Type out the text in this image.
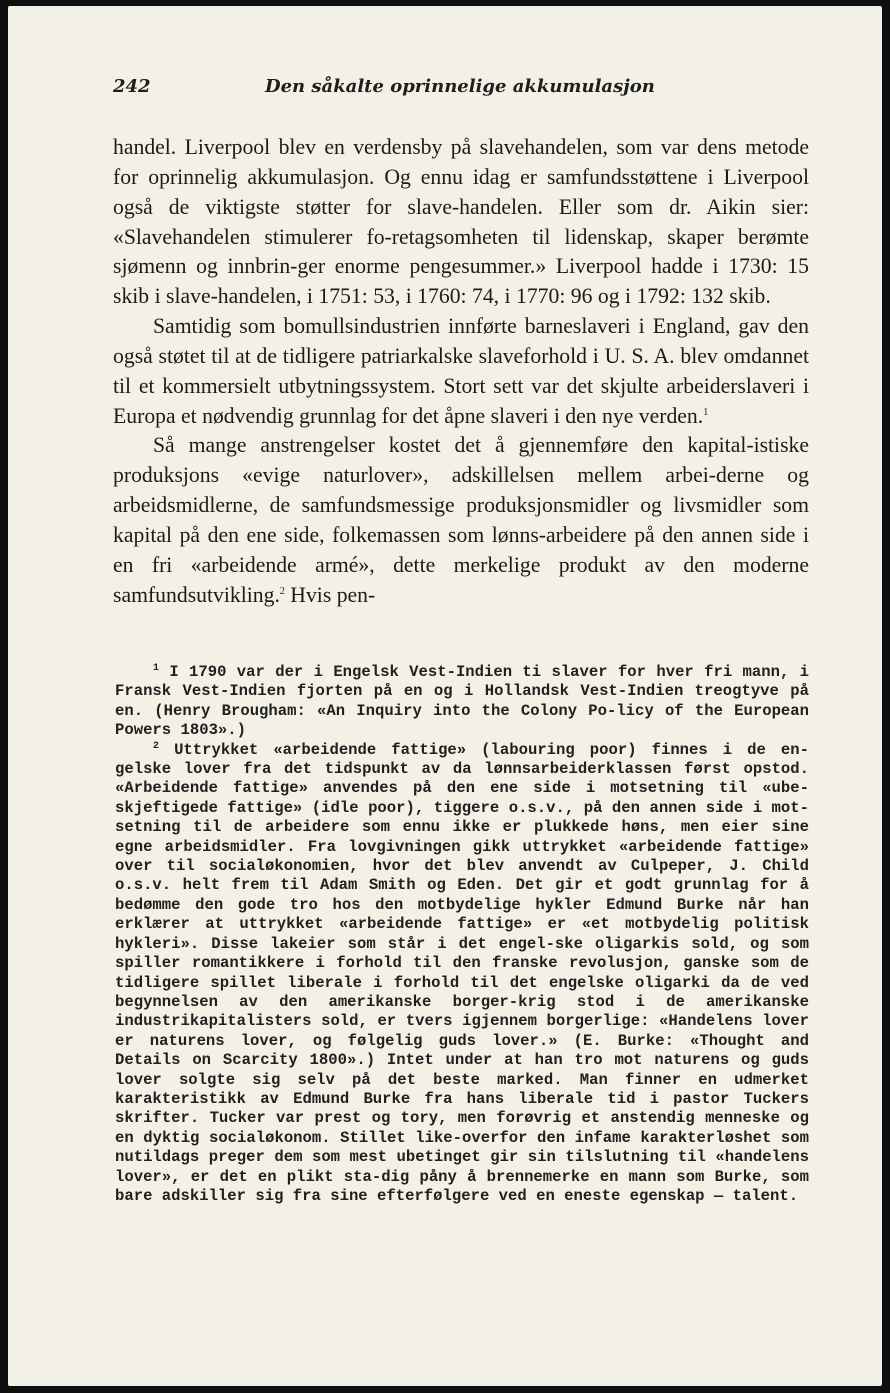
242	Den såkalte oprinnelige akkumulasjon

handel. Liverpool blev en verdensby på slavehandelen, som var dens metode for oprinnelig akkumulasjon. Og ennu idag er samfundsstøttene i Liverpool også de viktigste støtter for slave-handelen. Eller som dr. Aikin sier: «Slavehandelen stimulerer fo-retagsomheten til lidenskap, skaper berømte sjømenn og innbrin-ger enorme pengesummer.» Liverpool hadde i 1730: 15 skib i slave-handelen, i 1751: 53, i 1760: 74, i 1770: 96 og i 1792: 132 skib.

Samtidig som bomullsindustrien innførte barneslaveri i England, gav den også støtet til at de tidligere patriarkalske slaveforhold i U. S. A. blev omdannet til et kommersielt utbytningssystem. Stort sett var det skjulte arbeiderslaveri i Europa et nødvendig grunnlag for det åpne slaveri i den nye verden.$^1$

Så mange anstrengelser kostet det å gjennemføre den kapital-istiske produksjons «evige naturlover», adskillelsen mellem arbei-derne og arbeidsmidlerne, de samfundsmessige produksjonsmidler og livsmidler som kapital på den ene side, folkemassen som lønns-arbeidere på den annen side i en fri «arbeidende armé», dette merkelige produkt av den moderne samfundsutvikling.$^2$ Hvis pen-

$^1$ I 1790 var der i Engelsk Vest-Indien ti slaver for hver fri mann, i Fransk Vest-Indien fjorten på en og i Hollandsk Vest-Indien treogtyve på en. (Henry Brougham: «An Inquiry into the Colony Po-licy of the European Powers 1803».)

$^2$ Uttrykket «arbeidende fattige» (labouring poor) finnes i de en-gelske lover fra det tidspunkt av da lønnsarbeiderklassen først opstod. «Arbeidende fattige» anvendes på den ene side i motsetning til «ube-skjeftigede fattige» (idle poor), tiggere o.s.v., på den annen side i mot-setning til de arbeidere som ennu ikke er plukkede høns, men eier sine egne arbeidsmidler. Fra lovgivningen gikk uttrykket «arbeidende fattige» over til socialøkonomien, hvor det blev anvendt av Culpeper, J. Child o.s.v. helt frem til Adam Smith og Eden. Det gir et godt grunnlag for å bedømme den gode tro hos den motbydelige hykler Edmund Burke når han erklærer at uttrykket «arbeidende fattige» er «et motbydelig politisk hykleri». Disse lakeier som står i det engel-ske oligarkis sold, og som spiller romantikkere i forhold til den franske revolusjon, ganske som de tidligere spillet liberale i forhold til det engelske oligarki da de ved begynnelsen av den amerikanske borger-krig stod i de amerikanske industrikapitalisters sold, er tvers igjennem borgerlige: «Handelens lover er naturens lover, og følgelig guds lover.» (E. Burke: «Thought and Details on Scarcity 1800».) Intet under at han tro mot naturens og guds lover solgte sig selv på det beste marked. Man finner en udmerket karakteristikk av Edmund Burke fra hans liberale tid i pastor Tuckers skrifter. Tucker var prest og tory, men forøvrig et anstendig menneske og en dyktig socialøkonom. Stillet like-overfor den infame karakterløshet som nutildags preger dem som mest ubetinget gir sin tilslutning til «handelens lover», er det en plikt sta-dig påny å brennemerke en mann som Burke, som bare adskiller sig fra sine efterfølgere ved en eneste egenskap — talent.
